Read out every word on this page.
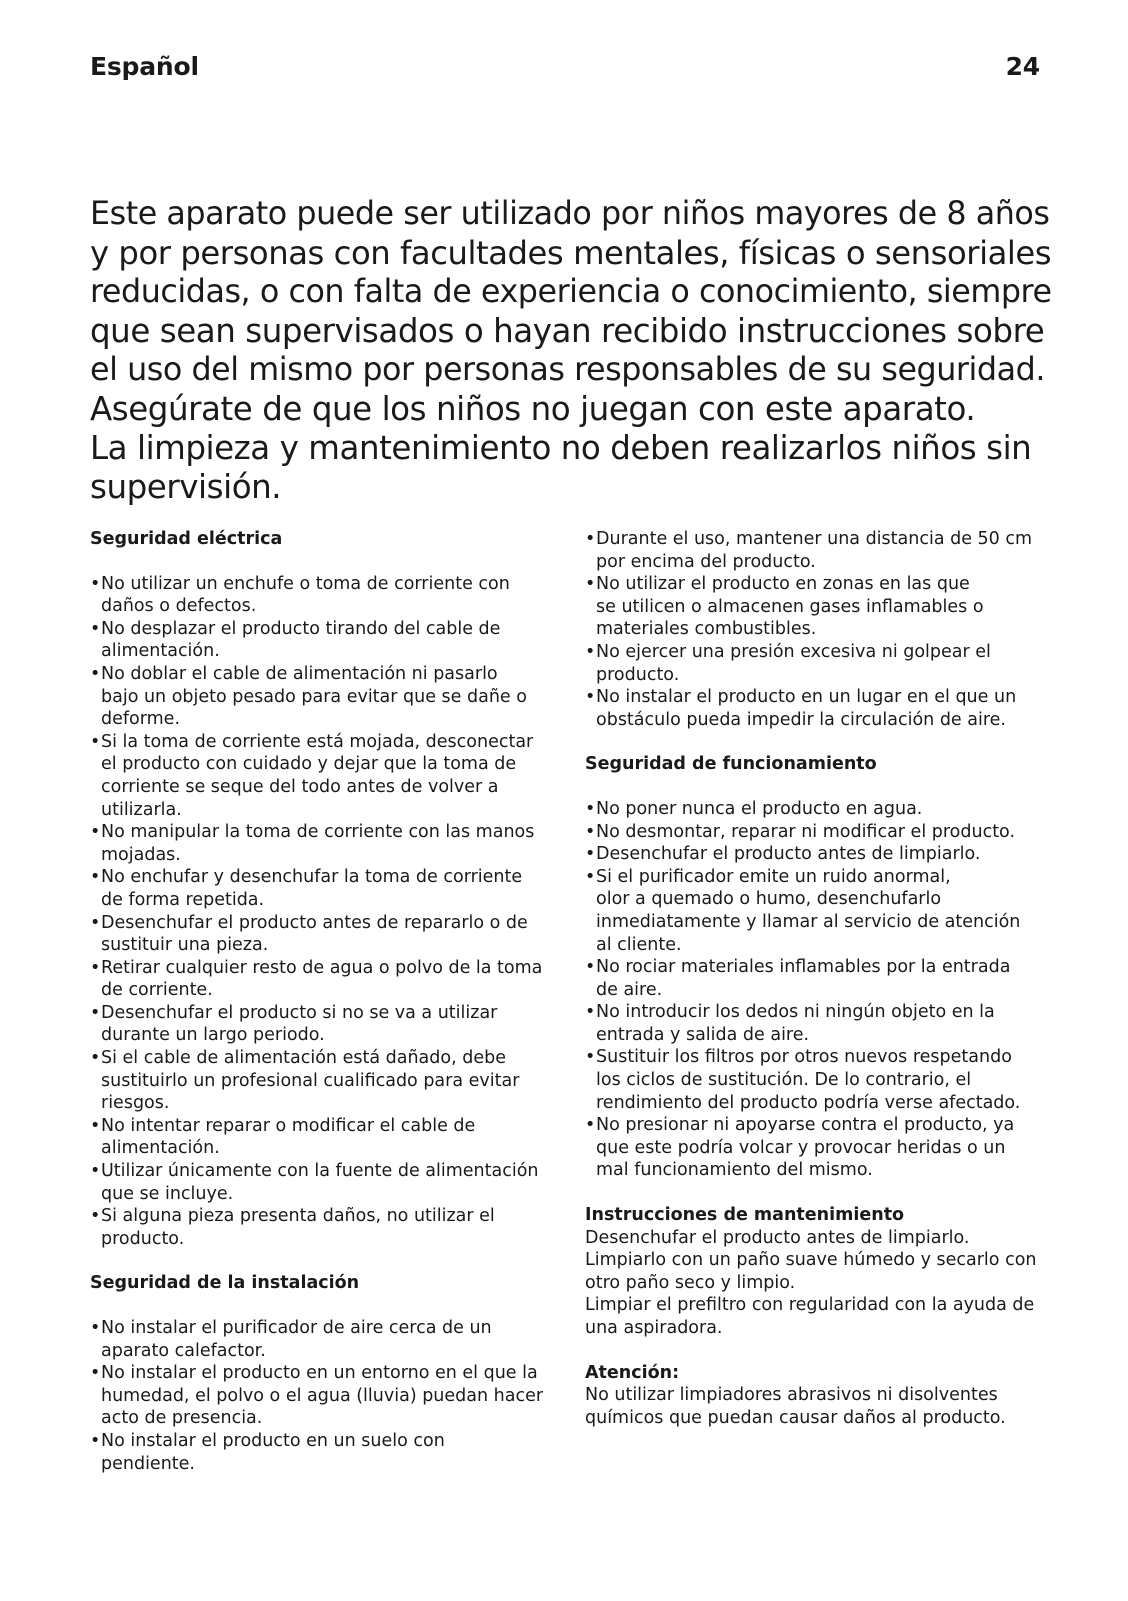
Español	24

Este aparato puede ser utilizado por niños mayores de 8 años
y por personas con facultades mentales, físicas o sensoriales
reducidas, o con falta de experiencia o conocimiento, siempre
que sean supervisados o hayan recibido instrucciones sobre
el uso del mismo por personas responsables de su seguridad.
Asegúrate de que los niños no juegan con este aparato.
La limpieza y mantenimiento no deben realizarlos niños sin
supervisión.

Seguridad eléctrica
• No utilizar un enchufe o toma de corriente con
daños o defectos.
• No desplazar el producto tirando del cable de
alimentación.
• No doblar el cable de alimentación ni pasarlo
bajo un objeto pesado para evitar que se dañe o
deforme.
• Si la toma de corriente está mojada, desconectar
el producto con cuidado y dejar que la toma de
corriente se seque del todo antes de volver a
utilizarla.
• No manipular la toma de corriente con las manos
mojadas.
• No enchufar y desenchufar la toma de corriente
de forma repetida.
• Desenchufar el producto antes de repararlo o de
sustituir una pieza.
• Retirar cualquier resto de agua o polvo de la toma
de corriente.
• Desenchufar el producto si no se va a utilizar
durante un largo periodo.
• Si el cable de alimentación está dañado, debe
sustituirlo un profesional cualificado para evitar
riesgos.
• No intentar reparar o modificar el cable de
alimentación.
• Utilizar únicamente con la fuente de alimentación
que se incluye.
• Si alguna pieza presenta daños, no utilizar el
producto.
Seguridad de la instalación
• No instalar el purificador de aire cerca de un
aparato calefactor.
• No instalar el producto en un entorno en el que la
humedad, el polvo o el agua (lluvia) puedan hacer
acto de presencia.
• No instalar el producto en un suelo con
pendiente.
• Durante el uso, mantener una distancia de 50 cm
por encima del producto.
• No utilizar el producto en zonas en las que
se utilicen o almacenen gases inflamables o
materiales combustibles.
• No ejercer una presión excesiva ni golpear el
producto.
• No instalar el producto en un lugar en el que un
obstáculo pueda impedir la circulación de aire.
Seguridad de funcionamiento
• No poner nunca el producto en agua.
• No desmontar, reparar ni modificar el producto.
• Desenchufar el producto antes de limpiarlo.
• Si el purificador emite un ruido anormal,
olor a quemado o humo, desenchufarlo
inmediatamente y llamar al servicio de atención
al cliente.
• No rociar materiales inflamables por la entrada
de aire.
• No introducir los dedos ni ningún objeto en la
entrada y salida de aire.
• Sustituir los filtros por otros nuevos respetando
los ciclos de sustitución. De lo contrario, el
rendimiento del producto podría verse afectado.
• No presionar ni apoyarse contra el producto, ya
que este podría volcar y provocar heridas o un
mal funcionamiento del mismo.
Instrucciones de mantenimiento
Desenchufar el producto antes de limpiarlo.
Limpiarlo con un paño suave húmedo y secarlo con
otro paño seco y limpio.
Limpiar el prefiltro con regularidad con la ayuda de
una aspiradora.
Atención:
No utilizar limpiadores abrasivos ni disolventes
químicos que puedan causar daños al producto.
